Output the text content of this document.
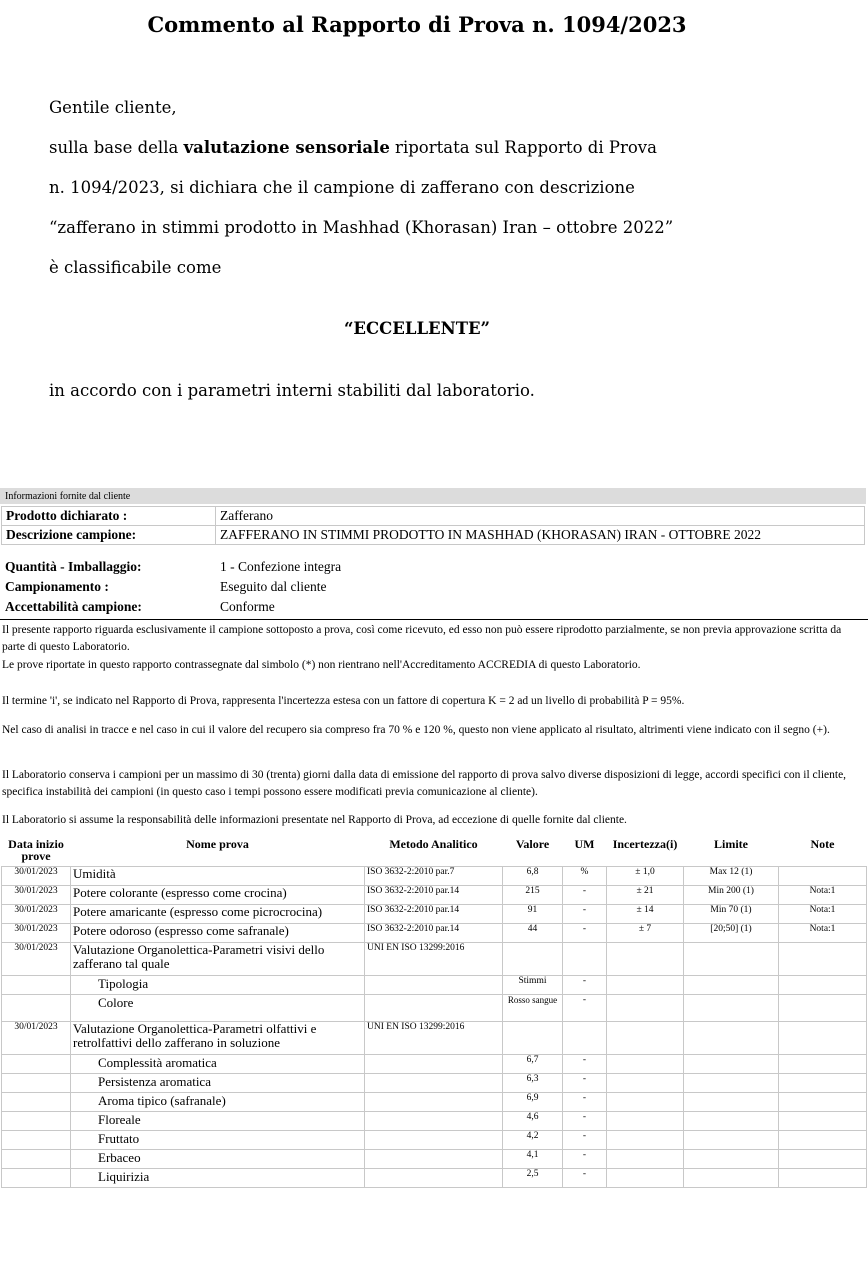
Commento al Rapporto di Prova n. 1094/2023
Gentile cliente,
sulla base della valutazione sensoriale riportata sul Rapporto di Prova
n. 1094/2023, si dichiara che il campione di zafferano con descrizione
“zafferano in stimmi prodotto in Mashhad (Khorasan) Iran – ottobre 2022”
è classificabile come
“ECCELLENTE”
in accordo con i parametri interni stabiliti dal laboratorio.
Informazioni fornite dal cliente
Prodotto dichiarato :	Zafferano
Descrizione campione:	ZAFFERANO IN STIMMI PRODOTTO IN MASHHAD (KHORASAN) IRAN - OTTOBRE 2022
Quantità - Imballaggio:	1 - Confezione integra
Campionamento :	Eseguito dal cliente
Accettabilità campione:	Conforme
Il presente rapporto riguarda esclusivamente il campione sottoposto a prova, così come ricevuto, ed esso non può essere riprodotto parzialmente, se non previa approvazione scritta da parte di questo Laboratorio.
Le prove riportate in questo rapporto contrassegnate dal simbolo (*) non rientrano nell'Accreditamento ACCREDIA di questo Laboratorio.
Il termine 'i', se indicato nel Rapporto di Prova, rappresenta l'incertezza estesa con un fattore di copertura K = 2 ad un livello di probabilità P = 95%.
Nel caso di analisi in tracce e nel caso in cui il valore del recupero sia compreso fra 70 % e 120 %, questo non viene applicato al risultato, altrimenti viene indicato con il segno (+).
Il Laboratorio conserva i campioni per un massimo di 30 (trenta) giorni dalla data di emissione del rapporto di prova salvo diverse disposizioni di legge, accordi specifici con il cliente, specifica instabilità dei campioni (in questo caso i tempi possono essere modificati previa comunicazione al cliente).
Il Laboratorio si assume la responsabilità delle informazioni presentate nel Rapporto di Prova, ad eccezione di quelle fornite dal cliente.
Data inizio prove	Nome prova	Metodo Analitico	Valore	UM	Incertezza(i)	Limite	Note
30/01/2023	Umidità	ISO 3632-2:2010 par.7	6,8	%	± 1,0	Max 12 (1)	
30/01/2023	Potere colorante (espresso come crocina)	ISO 3632-2:2010 par.14	215	-	± 21	Min 200 (1)	Nota:1
30/01/2023	Potere amaricante (espresso come picrocrocina)	ISO 3632-2:2010 par.14	91	-	± 14	Min 70 (1)	Nota:1
30/01/2023	Potere odoroso (espresso come safranale)	ISO 3632-2:2010 par.14	44	-	± 7	[20;50] (1)	Nota:1
30/01/2023	Valutazione Organolettica-Parametri visivi dello zafferano tal quale	UNI EN ISO 13299:2016					
	Tipologia		Stimmi	-			
	Colore		Rosso sangue	-			
30/01/2023	Valutazione Organolettica-Parametri olfattivi e retrolfattivi dello zafferano in soluzione	UNI EN ISO 13299:2016					
	Complessità aromatica		6,7	-			
	Persistenza aromatica		6,3	-			
	Aroma tipico (safranale)		6,9	-			
	Floreale		4,6	-			
	Fruttato		4,2	-			
	Erbaceo		4,1	-			
	Liquirizia		2,5	-			
